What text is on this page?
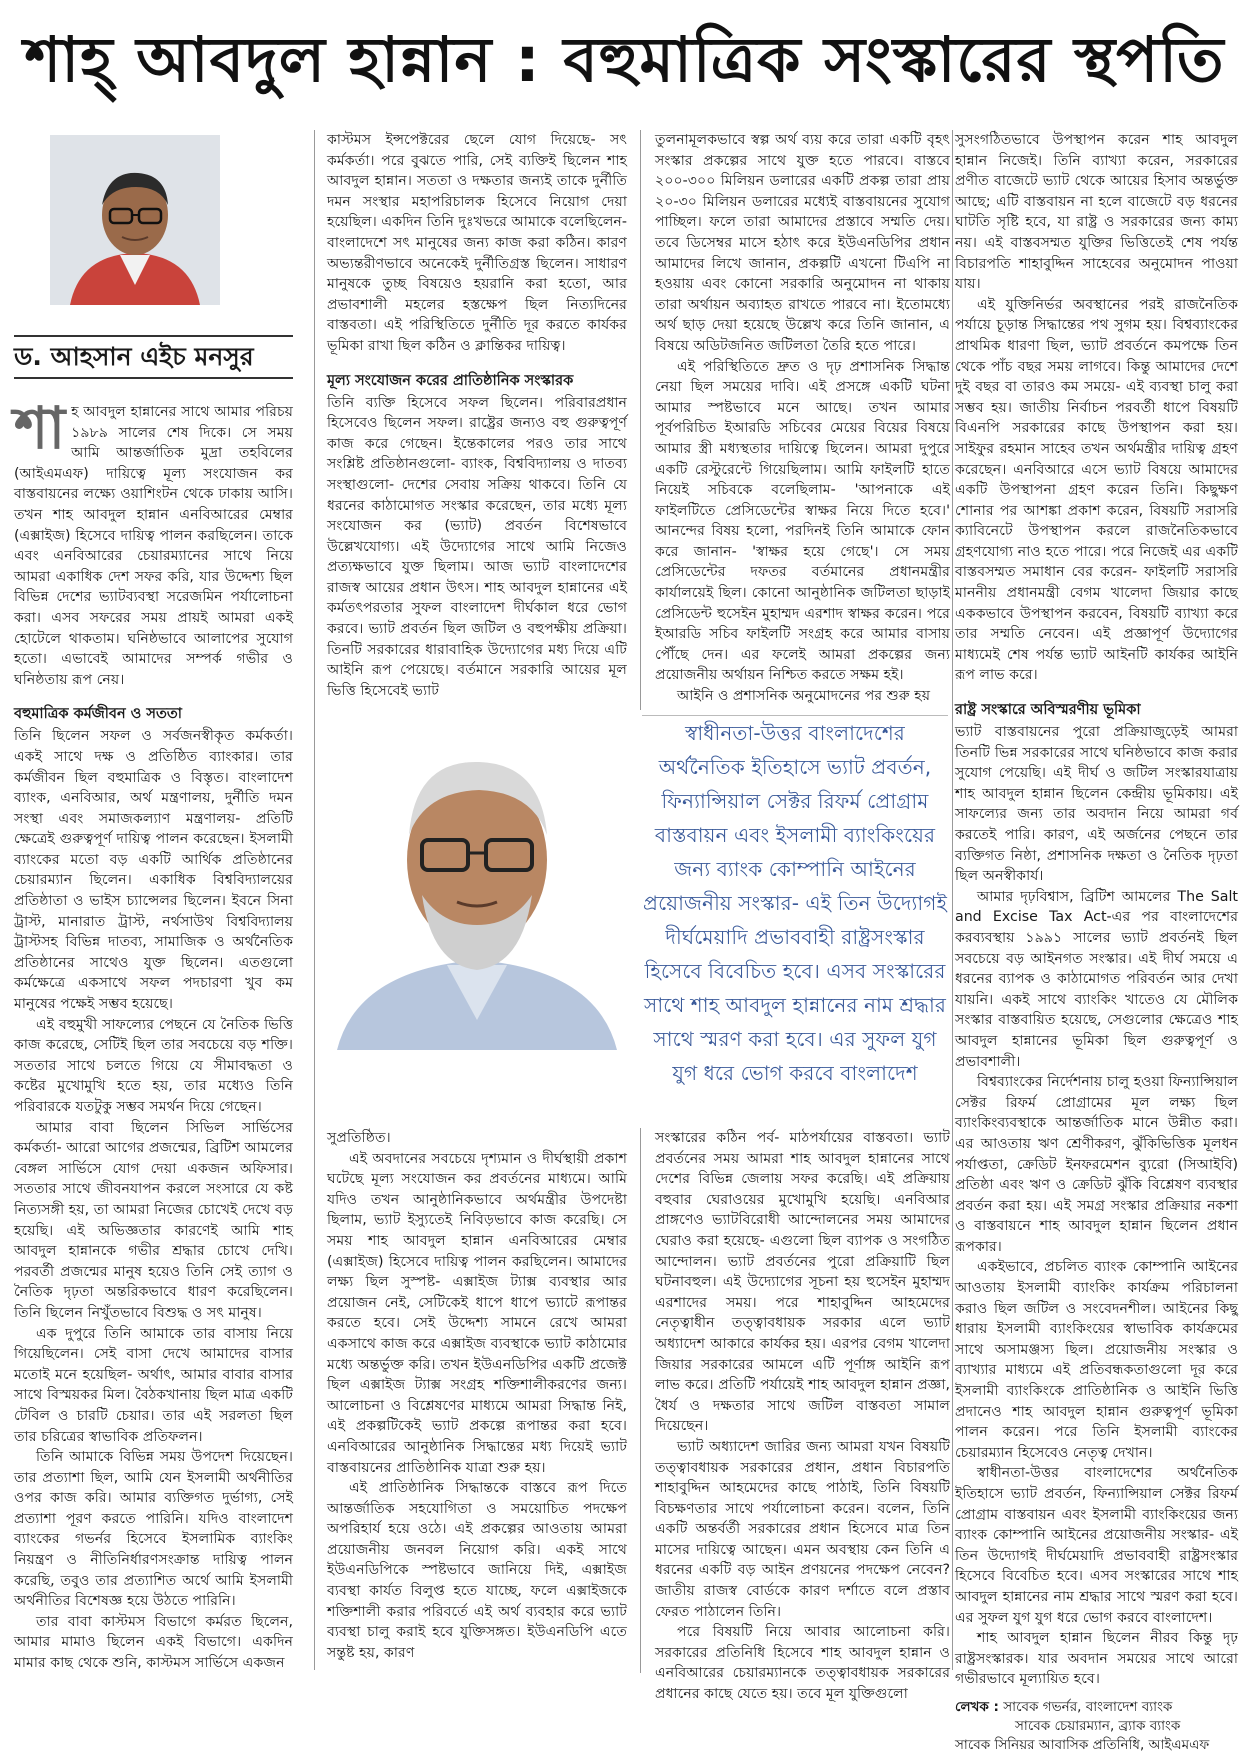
শাহ্ আবদুল হান্নান : বহুমাত্রিক সংস্কারের স্থপতি
ড. আহসান এইচ মনসুর

শাহ আবদুল হান্নানের সাথে আমার পরিচয় ১৯৮৯ সালের শেষ দিকে। সে সময় আমি আন্তর্জাতিক মুদ্রা তহবিলের (আইএমএফ) দায়িত্বে মূল্য সংযোজন কর বাস্তবায়নের লক্ষ্যে ওয়াশিংটন থেকে ঢাকায় আসি। তখন শাহ আবদুল হান্নান এনবিআরের মেম্বার (এক্সাইজ) হিসেবে দায়িত্ব পালন করছিলেন। তাকে এবং এনবিআরের চেয়ারম্যানের সাথে নিয়ে আমরা একাধিক দেশ সফর করি, যার উদ্দেশ্য ছিল বিভিন্ন দেশের ভ্যাটব্যবস্থা সরেজমিন পর্যালোচনা করা। এসব সফরের সময় প্রায়ই আমরা একই হোটেলে থাকতাম। ঘনিষ্ঠভাবে আলাপের সুযোগ হতো। এভাবেই আমাদের সম্পর্ক গভীর ও ঘনিষ্ঠতায় রূপ নেয়।

বহুমাত্রিক কর্মজীবন ও সততা

তিনি ছিলেন সফল ও সর্বজনস্বীকৃত কর্মকর্তা। একই সাথে দক্ষ ও প্রতিষ্ঠিত ব্যাংকার। তার কর্মজীবন ছিল বহুমাত্রিক ও বিস্তৃত। বাংলাদেশ ব্যাংক, এনবিআর, অর্থ মন্ত্রণালয়, দুর্নীতি দমন সংস্থা এবং সমাজকল্যাণ মন্ত্রণালয়- প্রতিটি ক্ষেত্রেই গুরুত্বপূর্ণ দায়িত্ব পালন করেছেন। ইসলামী ব্যাংকের মতো বড় একটি আর্থিক প্রতিষ্ঠানের চেয়ারম্যান ছিলেন। একাধিক বিশ্ববিদ্যালয়ের প্রতিষ্ঠাতা ও ভাইস চ্যান্সেলর ছিলেন। ইবনে সিনা ট্রাস্ট, মানারাত ট্রাস্ট, নর্থসাউথ বিশ্ববিদ্যালয় ট্রাস্টসহ বিভিন্ন দাতব্য, সামাজিক ও অর্থনৈতিক প্রতিষ্ঠানের সাথেও যুক্ত ছিলেন। এতগুলো কর্মক্ষেত্রে একসাথে সফল পদচারণা খুব কম মানুষের পক্ষেই সম্ভব হয়েছে।

এই বহুমুখী সাফল্যের পেছনে যে নৈতিক ভিত্তি কাজ করেছে, সেটিই ছিল তার সবচেয়ে বড় শক্তি। সততার সাথে চলতে গিয়ে যে সীমাবদ্ধতা ও কষ্টের মুখোমুখি হতে হয়, তার মধ্যেও তিনি পরিবারকে যতটুকু সম্ভব সমর্থন দিয়ে গেছেন।

আমার বাবা ছিলেন সিভিল সার্ভিসের কর্মকর্তা- আরো আগের প্রজন্মের, ব্রিটিশ আমলের বেঙ্গল সার্ভিসে যোগ দেয়া একজন অফিসার। সততার সাথে জীবনযাপন করলে সংসারে যে কষ্ট নিত্যসঙ্গী হয়, তা আমরা নিজের চোখেই দেখে বড় হয়েছি। এই অভিজ্ঞতার কারণেই আমি শাহ আবদুল হান্নানকে গভীর শ্রদ্ধার চোখে দেখি। পরবর্তী প্রজন্মের মানুষ হয়েও তিনি সেই ত্যাগ ও নৈতিক দৃঢ়তা অন্তরিকভাবে ধারণ করেছিলেন। তিনি ছিলেন নিখুঁতভাবে বিশুদ্ধ ও সৎ মানুষ।

এক দুপুরে তিনি আমাকে তার বাসায় নিয়ে গিয়েছিলেন। সেই বাসা দেখে আমাদের বাসার মতোই মনে হয়েছিল- অর্থাৎ, আমার বাবার বাসার সাথে বিস্ময়কর মিল। বৈঠকখানায় ছিল মাত্র একটি টেবিল ও চারটি চেয়ার। তার এই সরলতা ছিল তার চরিত্রের স্বাভাবিক প্রতিফলন।

তিনি আমাকে বিভিন্ন সময় উপদেশ দিয়েছেন। তার প্রত্যাশা ছিল, আমি যেন ইসলামী অর্থনীতির ওপর কাজ করি। আমার ব্যক্তিগত দুর্ভাগ্য, সেই প্রত্যাশা পূরণ করতে পারিনি। যদিও বাংলাদেশ ব্যাংকের গভর্নর হিসেবে ইসলামিক ব্যাংকিং নিয়ন্ত্রণ ও নীতিনির্ধারণসংক্রান্ত দায়িত্ব পালন করেছি, তবুও তার প্রত্যাশিত অর্থে আমি ইসলামী অর্থনীতির বিশেষজ্ঞ হয়ে উঠতে পারিনি।

তার বাবা কাস্টমস বিভাগে কর্মরত ছিলেন, আমার মামাও ছিলেন একই বিভাগে। একদিন মামার কাছ থেকে শুনি, কাস্টমস সার্ভিসে একজন

কাস্টমস ইন্সপেক্টরের ছেলে যোগ দিয়েছে- সৎ কর্মকর্তা। পরে বুঝতে পারি, সেই ব্যক্তিই ছিলেন শাহ আবদুল হান্নান। সততা ও দক্ষতার জন্যই তাকে দুর্নীতি দমন সংস্থার মহাপরিচালক হিসেবে নিয়োগ দেয়া হয়েছিল। একদিন তিনি দুঃখভরে আমাকে বলেছিলেন- বাংলাদেশে সৎ মানুষের জন্য কাজ করা কঠিন। কারণ অভ্যন্তরীণভাবে অনেকেই দুর্নীতিগ্রস্ত ছিলেন। সাধারণ মানুষকে তুচ্ছ বিষয়েও হয়রানি করা হতো, আর প্রভাবশালী মহলের হস্তক্ষেপ ছিল নিত্যদিনের বাস্তবতা। এই পরিস্থিতিতে দুর্নীতি দূর করতে কার্যকর ভূমিকা রাখা ছিল কঠিন ও ক্লান্তিকর দায়িত্ব।

মূল্য সংযোজন করের প্রাতিষ্ঠানিক সংস্কারক

তিনি ব্যক্তি হিসেবে সফল ছিলেন। পরিবারপ্রধান হিসেবেও ছিলেন সফল। রাষ্ট্রের জন্যও বহু গুরুত্বপূর্ণ কাজ করে গেছেন। ইন্তেকালের পরও তার সাথে সংশ্লিষ্ট প্রতিষ্ঠানগুলো- ব্যাংক, বিশ্ববিদ্যালয় ও দাতব্য সংস্থাগুলো- দেশের সেবায় সক্রিয় থাকবে। তিনি যে ধরনের কাঠামোগত সংস্কার করেছেন, তার মধ্যে মূল্য সংযোজন কর (ভ্যাট) প্রবর্তন বিশেষভাবে উল্লেখযোগ্য। এই উদ্যোগের সাথে আমি নিজেও প্রত্যক্ষভাবে যুক্ত ছিলাম। আজ ভ্যাট বাংলাদেশের রাজস্ব আয়ের প্রধান উৎস। শাহ আবদুল হান্নানের এই কর্মতৎপরতার সুফল বাংলাদেশ দীর্ঘকাল ধরে ভোগ করবে। ভ্যাট প্রবর্তন ছিল জটিল ও বহুপক্ষীয় প্রক্রিয়া। তিনটি সরকারের ধারাবাহিক উদ্যোগের মধ্য দিয়ে এটি আইনি রূপ পেয়েছে। বর্তমানে সরকারি আয়ের মূল ভিত্তি হিসেবেই ভ্যাট

সুপ্রতিষ্ঠিত।

এই অবদানের সবচেয়ে দৃশ্যমান ও দীর্ঘস্থায়ী প্রকাশ ঘটেছে মূল্য সংযোজন কর প্রবর্তনের মাধ্যমে। আমি যদিও তখন আনুষ্ঠানিকভাবে অর্থমন্ত্রীর উপদেষ্টা ছিলাম, ভ্যাট ইস্যুতেই নিবিড়ভাবে কাজ করেছি। সে সময় শাহ আবদুল হান্নান এনবিআরের মেম্বার (এক্সাইজ) হিসেবে দায়িত্ব পালন করছিলেন। আমাদের লক্ষ্য ছিল সুস্পষ্ট- এক্সাইজ ট্যাক্স ব্যবস্থার আর প্রয়োজন নেই, সেটিকেই ধাপে ধাপে ভ্যাটে রূপান্তর করতে হবে। সেই উদ্দেশ্য সামনে রেখে আমরা একসাথে কাজ করে এক্সাইজ ব্যবস্থাকে ভ্যাট কাঠামোর মধ্যে অন্তর্ভুক্ত করি। তখন ইউএনডিপির একটি প্রজেক্ট ছিল এক্সাইজ ট্যাক্স সংগ্রহ শক্তিশালীকরণের জন্য। আলোচনা ও বিশ্লেষণের মাধ্যমে আমরা সিদ্ধান্ত নিই, এই প্রকল্পটিকেই ভ্যাট প্রকল্পে রূপান্তর করা হবে। এনবিআরের আনুষ্ঠানিক সিদ্ধান্তের মধ্য দিয়েই ভ্যাট বাস্তবায়নের প্রাতিষ্ঠানিক যাত্রা শুরু হয়।

এই প্রাতিষ্ঠানিক সিদ্ধান্তকে বাস্তবে রূপ দিতে আন্তর্জাতিক সহযোগিতা ও সময়োচিত পদক্ষেপ অপরিহার্য হয়ে ওঠে। এই প্রকল্পের আওতায় আমরা প্রয়োজনীয় জনবল নিয়োগ করি। একই সাথে ইউএনডিপিকে স্পষ্টভাবে জানিয়ে দিই, এক্সাইজ ব্যবস্থা কার্যত বিলুপ্ত হতে যাচ্ছে, ফলে এক্সাইজকে শক্তিশালী করার পরিবর্তে এই অর্থ ব্যবহার করে ভ্যাট ব্যবস্থা চালু করাই হবে যুক্তিসঙ্গত। ইউএনডিপি এতে সন্তুষ্ট হয়, কারণ

তুলনামূলকভাবে স্বল্প অর্থ ব্যয় করে তারা একটি বৃহৎ সংস্কার প্রকল্পের সাথে যুক্ত হতে পারবে। বাস্তবে ২০০-৩০০ মিলিয়ন ডলারের একটি প্রকল্প তারা প্রায় ২০-৩০ মিলিয়ন ডলারের মধ্যেই বাস্তবায়নের সুযোগ পাচ্ছিল। ফলে তারা আমাদের প্রস্তাবে সম্মতি দেয়। তবে ডিসেম্বর মাসে হঠাৎ করে ইউএনডিপির প্রধান আমাদের লিখে জানান, প্রকল্পটি এখনো টিএপি না হওয়ায় এবং কোনো সরকারি অনুমোদন না থাকায় তারা অর্থায়ন অব্যাহত রাখতে পারবে না। ইতোমধ্যে অর্থ ছাড় দেয়া হয়েছে উল্লেখ করে তিনি জানান, এ বিষয়ে অডিটজনিত জটিলতা তৈরি হতে পারে।

এই পরিস্থিতিতে দ্রুত ও দৃঢ় প্রশাসনিক সিদ্ধান্ত নেয়া ছিল সময়ের দাবি। এই প্রসঙ্গে একটি ঘটনা আমার স্পষ্টভাবে মনে আছে। তখন আমার পূর্বপরিচিত ইআরডি সচিবের মেয়ের বিয়ের বিষয়ে আমার স্ত্রী মধ্যস্থতার দায়িত্বে ছিলেন। আমরা দুপুরে একটি রেস্টুরেন্টে গিয়েছিলাম। আমি ফাইলটি হাতে নিয়েই সচিবকে বলেছিলাম- 'আপনাকে এই ফাইলটিতে প্রেসিডেন্টের স্বাক্ষর নিয়ে দিতে হবে।' আনন্দের বিষয় হলো, পরদিনই তিনি আমাকে ফোন করে জানান- 'স্বাক্ষর হয়ে গেছে'। সে সময় প্রেসিডেন্টের দফতর বর্তমানের প্রধানমন্ত্রীর কার্যালয়েই ছিল। কোনো আনুষ্ঠানিক জটিলতা ছাড়াই প্রেসিডেন্ট হুসেইন মুহাম্মদ এরশাদ স্বাক্ষর করেন। পরে ইআরডি সচিব ফাইলটি সংগ্রহ করে আমার বাসায় পৌঁছে দেন। এর ফলেই আমরা প্রকল্পের জন্য প্রয়োজনীয় অর্থায়ন নিশ্চিত করতে সক্ষম হই।

আইনি ও প্রশাসনিক অনুমোদনের পর শুরু হয়

স্বাধীনতা-উত্তর বাংলাদেশের অর্থনৈতিক ইতিহাসে ভ্যাট প্রবর্তন, ফিন্যান্সিয়াল সেক্টর রিফর্ম প্রোগ্রাম বাস্তবায়ন এবং ইসলামী ব্যাংকিংয়ের জন্য ব্যাংক কোম্পানি আইনের প্রয়োজনীয় সংস্কার- এই তিন উদ্যোগই দীর্ঘমেয়াদি প্রভাববাহী রাষ্ট্রসংস্কার হিসেবে বিবেচিত হবে। এসব সংস্কারের সাথে শাহ আবদুল হান্নানের নাম শ্রদ্ধার সাথে স্মরণ করা হবে। এর সুফল যুগ যুগ ধরে ভোগ করবে বাংলাদেশ

সংস্কারের কঠিন পর্ব- মাঠপর্যায়ের বাস্তবতা। ভ্যাট প্রবর্তনের সময় আমরা শাহ আবদুল হান্নানের সাথে দেশের বিভিন্ন জেলায় সফর করেছি। এই প্রক্রিয়ায় বহুবার ঘেরাওয়ের মুখোমুখি হয়েছি। এনবিআর প্রাঙ্গণেও ভ্যাটবিরোধী আন্দোলনের সময় আমাদের ঘেরাও করা হয়েছে- এগুলো ছিল ব্যাপক ও সংগঠিত আন্দোলন। ভ্যাট প্রবর্তনের পুরো প্রক্রিয়াটি ছিল ঘটনাবহুল। এই উদ্যোগের সূচনা হয় হুসেইন মুহাম্মদ এরশাদের সময়। পরে শাহাবুদ্দিন আহমেদের নেতৃত্বাধীন তত্ত্বাবধায়ক সরকার এলে ভ্যাট অধ্যাদেশ আকারে কার্যকর হয়। এরপর বেগম খালেদা জিয়ার সরকারের আমলে এটি পূর্ণাঙ্গ আইনি রূপ লাভ করে। প্রতিটি পর্যায়েই শাহ আবদুল হান্নান প্রজ্ঞা, ধৈর্য ও দক্ষতার সাথে জটিল বাস্তবতা সামাল দিয়েছেন।

ভ্যাট অধ্যাদেশ জারির জন্য আমরা যখন বিষয়টি তত্ত্বাবধায়ক সরকারের প্রধান, প্রধান বিচারপতি শাহাবুদ্দিন আহমেদের কাছে পাঠাই, তিনি বিষয়টি বিচক্ষণতার সাথে পর্যালোচনা করেন। বলেন, তিনি একটি অন্তর্বর্তী সরকারের প্রধান হিসেবে মাত্র তিন মাসের দায়িত্বে আছেন। এমন অবস্থায় কেন তিনি এ ধরনের একটি বড় আইন প্রণয়নের পদক্ষেপ নেবেন? জাতীয় রাজস্ব বোর্ডকে কারণ দর্শাতে বলে প্রস্তাব ফেরত পাঠালেন তিনি।

পরে বিষয়টি নিয়ে আবার আলোচনা করি। সরকারের প্রতিনিধি হিসেবে শাহ আবদুল হান্নান ও এনবিআরের চেয়ারম্যানকে তত্ত্বাবধায়ক সরকারের প্রধানের কাছে যেতে হয়। তবে মূল যুক্তিগুলো

সুসংগঠিতভাবে উপস্থাপন করেন শাহ আবদুল হান্নান নিজেই। তিনি ব্যাখ্যা করেন, সরকারের প্রণীত বাজেটে ভ্যাট থেকে আয়ের হিসাব অন্তর্ভুক্ত আছে; এটি বাস্তবায়ন না হলে বাজেটে বড় ধরনের ঘাটতি সৃষ্টি হবে, যা রাষ্ট্র ও সরকারের জন্য কাম্য নয়। এই বাস্তবসম্মত যুক্তির ভিত্তিতেই শেষ পর্যন্ত বিচারপতি শাহাবুদ্দিন সাহেবের অনুমোদন পাওয়া যায়।

এই যুক্তিনির্ভর অবস্থানের পরই রাজনৈতিক পর্যায়ে চূড়ান্ত সিদ্ধান্তের পথ সুগম হয়। বিশ্বব্যাংকের প্রাথমিক ধারণা ছিল, ভ্যাট প্রবর্তনে কমপক্ষে তিন থেকে পাঁচ বছর সময় লাগবে। কিন্তু আমাদের দেশে দুই বছর বা তারও কম সময়ে- এই ব্যবস্থা চালু করা সম্ভব হয়। জাতীয় নির্বাচন পরবর্তী ধাপে বিষয়টি বিএনপি সরকারের কাছে উপস্থাপন করা হয়। সাইফুর রহমান সাহেব তখন অর্থমন্ত্রীর দায়িত্ব গ্রহণ করেছেন। এনবিআরে এসে ভ্যাট বিষয়ে আমাদের একটি উপস্থাপনা গ্রহণ করেন তিনি। কিছুক্ষণ শোনার পর আশঙ্কা প্রকাশ করেন, বিষয়টি সরাসরি ক্যাবিনেটে উপস্থাপন করলে রাজনৈতিকভাবে গ্রহণযোগ্য নাও হতে পারে। পরে নিজেই এর একটি বাস্তবসম্মত সমাধান বের করেন- ফাইলটি সরাসরি মাননীয় প্রধানমন্ত্রী বেগম খালেদা জিয়ার কাছে এককভাবে উপস্থাপন করবেন, বিষয়টি ব্যাখ্যা করে তার সম্মতি নেবেন। এই প্রজ্ঞাপূর্ণ উদ্যোগের মাধ্যমেই শেষ পর্যন্ত ভ্যাট আইনটি কার্যকর আইনি রূপ লাভ করে।

রাষ্ট্র সংস্কারে অবিস্মরণীয় ভূমিকা

ভ্যাট বাস্তবায়নের পুরো প্রক্রিয়াজুড়েই আমরা তিনটি ভিন্ন সরকারের সাথে ঘনিষ্ঠভাবে কাজ করার সুযোগ পেয়েছি। এই দীর্ঘ ও জটিল সংস্কারযাত্রায় শাহ আবদুল হান্নান ছিলেন কেন্দ্রীয় ভূমিকায়। এই সাফল্যের জন্য তার অবদান নিয়ে আমরা গর্ব করতেই পারি। কারণ, এই অর্জনের পেছনে তার ব্যক্তিগত নিষ্ঠা, প্রশাসনিক দক্ষতা ও নৈতিক দৃঢ়তা ছিল অনস্বীকার্য।

আমার দৃঢ়বিশ্বাস, ব্রিটিশ আমলের The Salt and Excise Tax Act-এর পর বাংলাদেশের করব্যবস্থায় ১৯৯১ সালের ভ্যাট প্রবর্তনই ছিল সবচেয়ে বড় আইনগত সংস্কার। এই দীর্ঘ সময়ে এ ধরনের ব্যাপক ও কাঠামোগত পরিবর্তন আর দেখা যায়নি। একই সাথে ব্যাংকিং খাতেও যে মৌলিক সংস্কার বাস্তবায়িত হয়েছে, সেগুলোর ক্ষেত্রেও শাহ আবদুল হান্নানের ভূমিকা ছিল গুরুত্বপূর্ণ ও প্রভাবশালী।

বিশ্বব্যাংকের নির্দেশনায় চালু হওয়া ফিন্যান্সিয়াল সেক্টর রিফর্ম প্রোগ্রামের মূল লক্ষ্য ছিল ব্যাংকিংব্যবস্থাকে আন্তর্জাতিক মানে উন্নীত করা। এর আওতায় ঋণ শ্রেণীকরণ, ঝুঁকিভিত্তিক মূলধন পর্যাপ্ততা, ক্রেডিট ইনফরমেশন ব্যুরো (সিআইবি) প্রতিষ্ঠা এবং ঋণ ও ক্রেডিট ঝুঁকি বিশ্লেষণ ব্যবস্থার প্রবর্তন করা হয়। এই সমগ্র সংস্কার প্রক্রিয়ার নকশা ও বাস্তবায়নে শাহ আবদুল হান্নান ছিলেন প্রধান রূপকার।

একইভাবে, প্রচলিত ব্যাংক কোম্পানি আইনের আওতায় ইসলামী ব্যাংকিং কার্যক্রম পরিচালনা করাও ছিল জটিল ও সংবেদনশীল। আইনের কিছু ধারায় ইসলামী ব্যাংকিংয়ের স্বাভাবিক কার্যক্রমের সাথে অসামঞ্জস্য ছিল। প্রয়োজনীয় সংস্কার ও ব্যাখ্যার মাধ্যমে এই প্রতিবন্ধকতাগুলো দূর করে ইসলামী ব্যাংকিংকে প্রাতিষ্ঠানিক ও আইনি ভিত্তি প্রদানেও শাহ আবদুল হান্নান গুরুত্বপূর্ণ ভূমিকা পালন করেন। পরে তিনি ইসলামী ব্যাংকের চেয়ারম্যান হিসেবেও নেতৃত্ব দেখান।

স্বাধীনতা-উত্তর বাংলাদেশের অর্থনৈতিক ইতিহাসে ভ্যাট প্রবর্তন, ফিন্যান্সিয়াল সেক্টর রিফর্ম প্রোগ্রাম বাস্তবায়ন এবং ইসলামী ব্যাংকিংয়ের জন্য ব্যাংক কোম্পানি আইনের প্রয়োজনীয় সংস্কার- এই তিন উদ্যোগই দীর্ঘমেয়াদি প্রভাববাহী রাষ্ট্রসংস্কার হিসেবে বিবেচিত হবে। এসব সংস্কারের সাথে শাহ আবদুল হান্নানের নাম শ্রদ্ধার সাথে স্মরণ করা হবে। এর সুফল যুগ যুগ ধরে ভোগ করবে বাংলাদেশ।

শাহ আবদুল হান্নান ছিলেন নীরব কিন্তু দৃঢ় রাষ্ট্রসংস্কারক। যার অবদান সময়ের সাথে আরো গভীরভাবে মূল্যায়িত হবে।

লেখক : সাবেক গভর্নর, বাংলাদেশ ব্যাংক
সাবেক চেয়ারম্যান, ব্র্যাক ব্যাংক
সাবেক সিনিয়র আবাসিক প্রতিনিধি, আইএমএফ
